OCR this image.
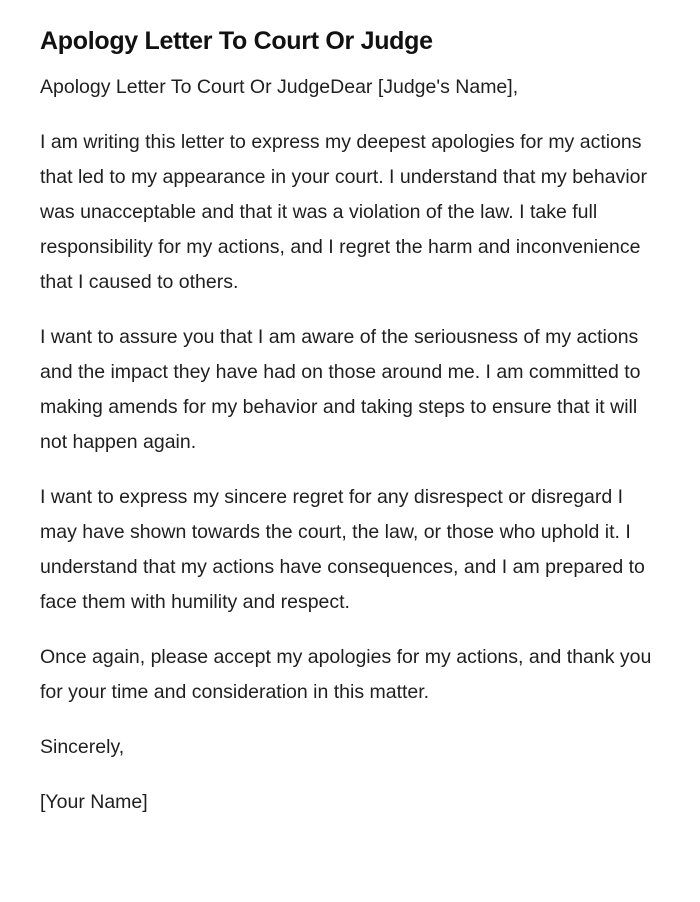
Apology Letter To Court Or Judge

Apology Letter To Court Or JudgeDear [Judge's Name],

I am writing this letter to express my deepest apologies for my actions that led to my appearance in your court. I understand that my behavior was unacceptable and that it was a violation of the law. I take full responsibility for my actions, and I regret the harm and inconvenience that I caused to others.

I want to assure you that I am aware of the seriousness of my actions and the impact they have had on those around me. I am committed to making amends for my behavior and taking steps to ensure that it will not happen again.

I want to express my sincere regret for any disrespect or disregard I may have shown towards the court, the law, or those who uphold it. I understand that my actions have consequences, and I am prepared to face them with humility and respect.

Once again, please accept my apologies for my actions, and thank you for your time and consideration in this matter.

Sincerely,

[Your Name]
